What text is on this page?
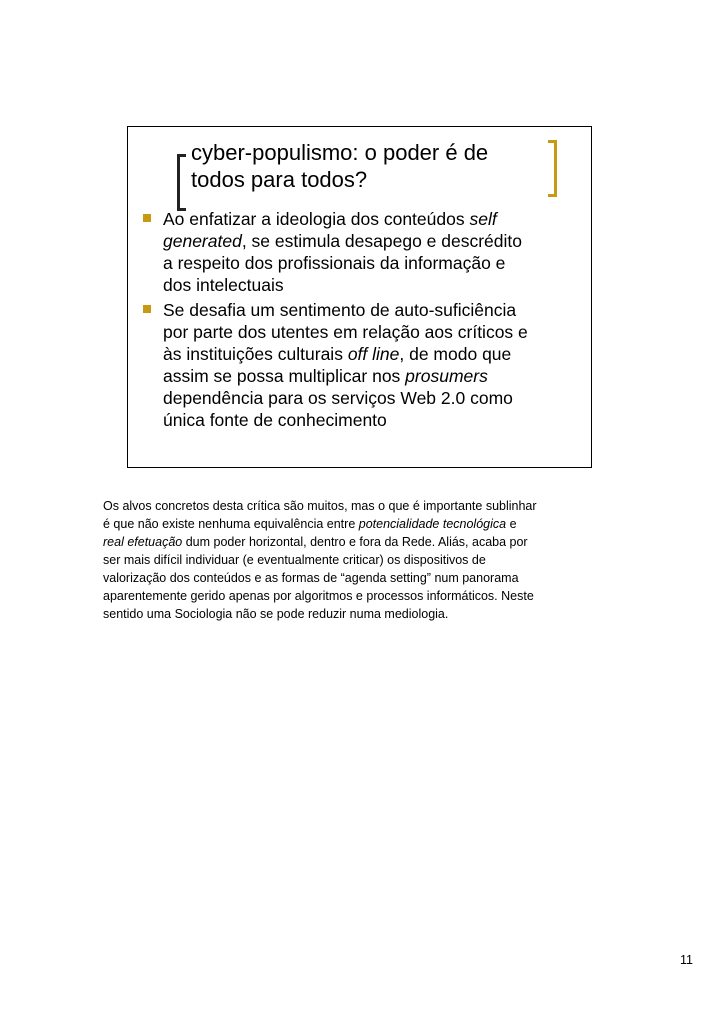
cyber-populismo: o poder é de
todos para todos?
Ao enfatizar a ideologia dos conteúdos self
generated, se estimula desapego e descrédito
a respeito dos profissionais da informação e
dos intelectuais
Se desafia um sentimento de auto-suficiência
por parte dos utentes em relação aos críticos e
às instituições culturais off line, de modo que
assim se possa multiplicar nos prosumers
dependência para os serviços Web 2.0 como
única fonte de conhecimento
Os alvos concretos desta crítica são muitos, mas o que é importante sublinhar
é que não existe nenhuma equivalência entre potencialidade tecnológica e
real efetuação dum poder horizontal, dentro e fora da Rede. Aliás, acaba por
ser mais difícil individuar (e eventualmente criticar) os dispositivos de
valorização dos conteúdos e as formas de “agenda setting” num panorama
aparentemente gerido apenas por algoritmos e processos informáticos. Neste
sentido uma Sociologia não se pode reduzir numa mediologia.
11
